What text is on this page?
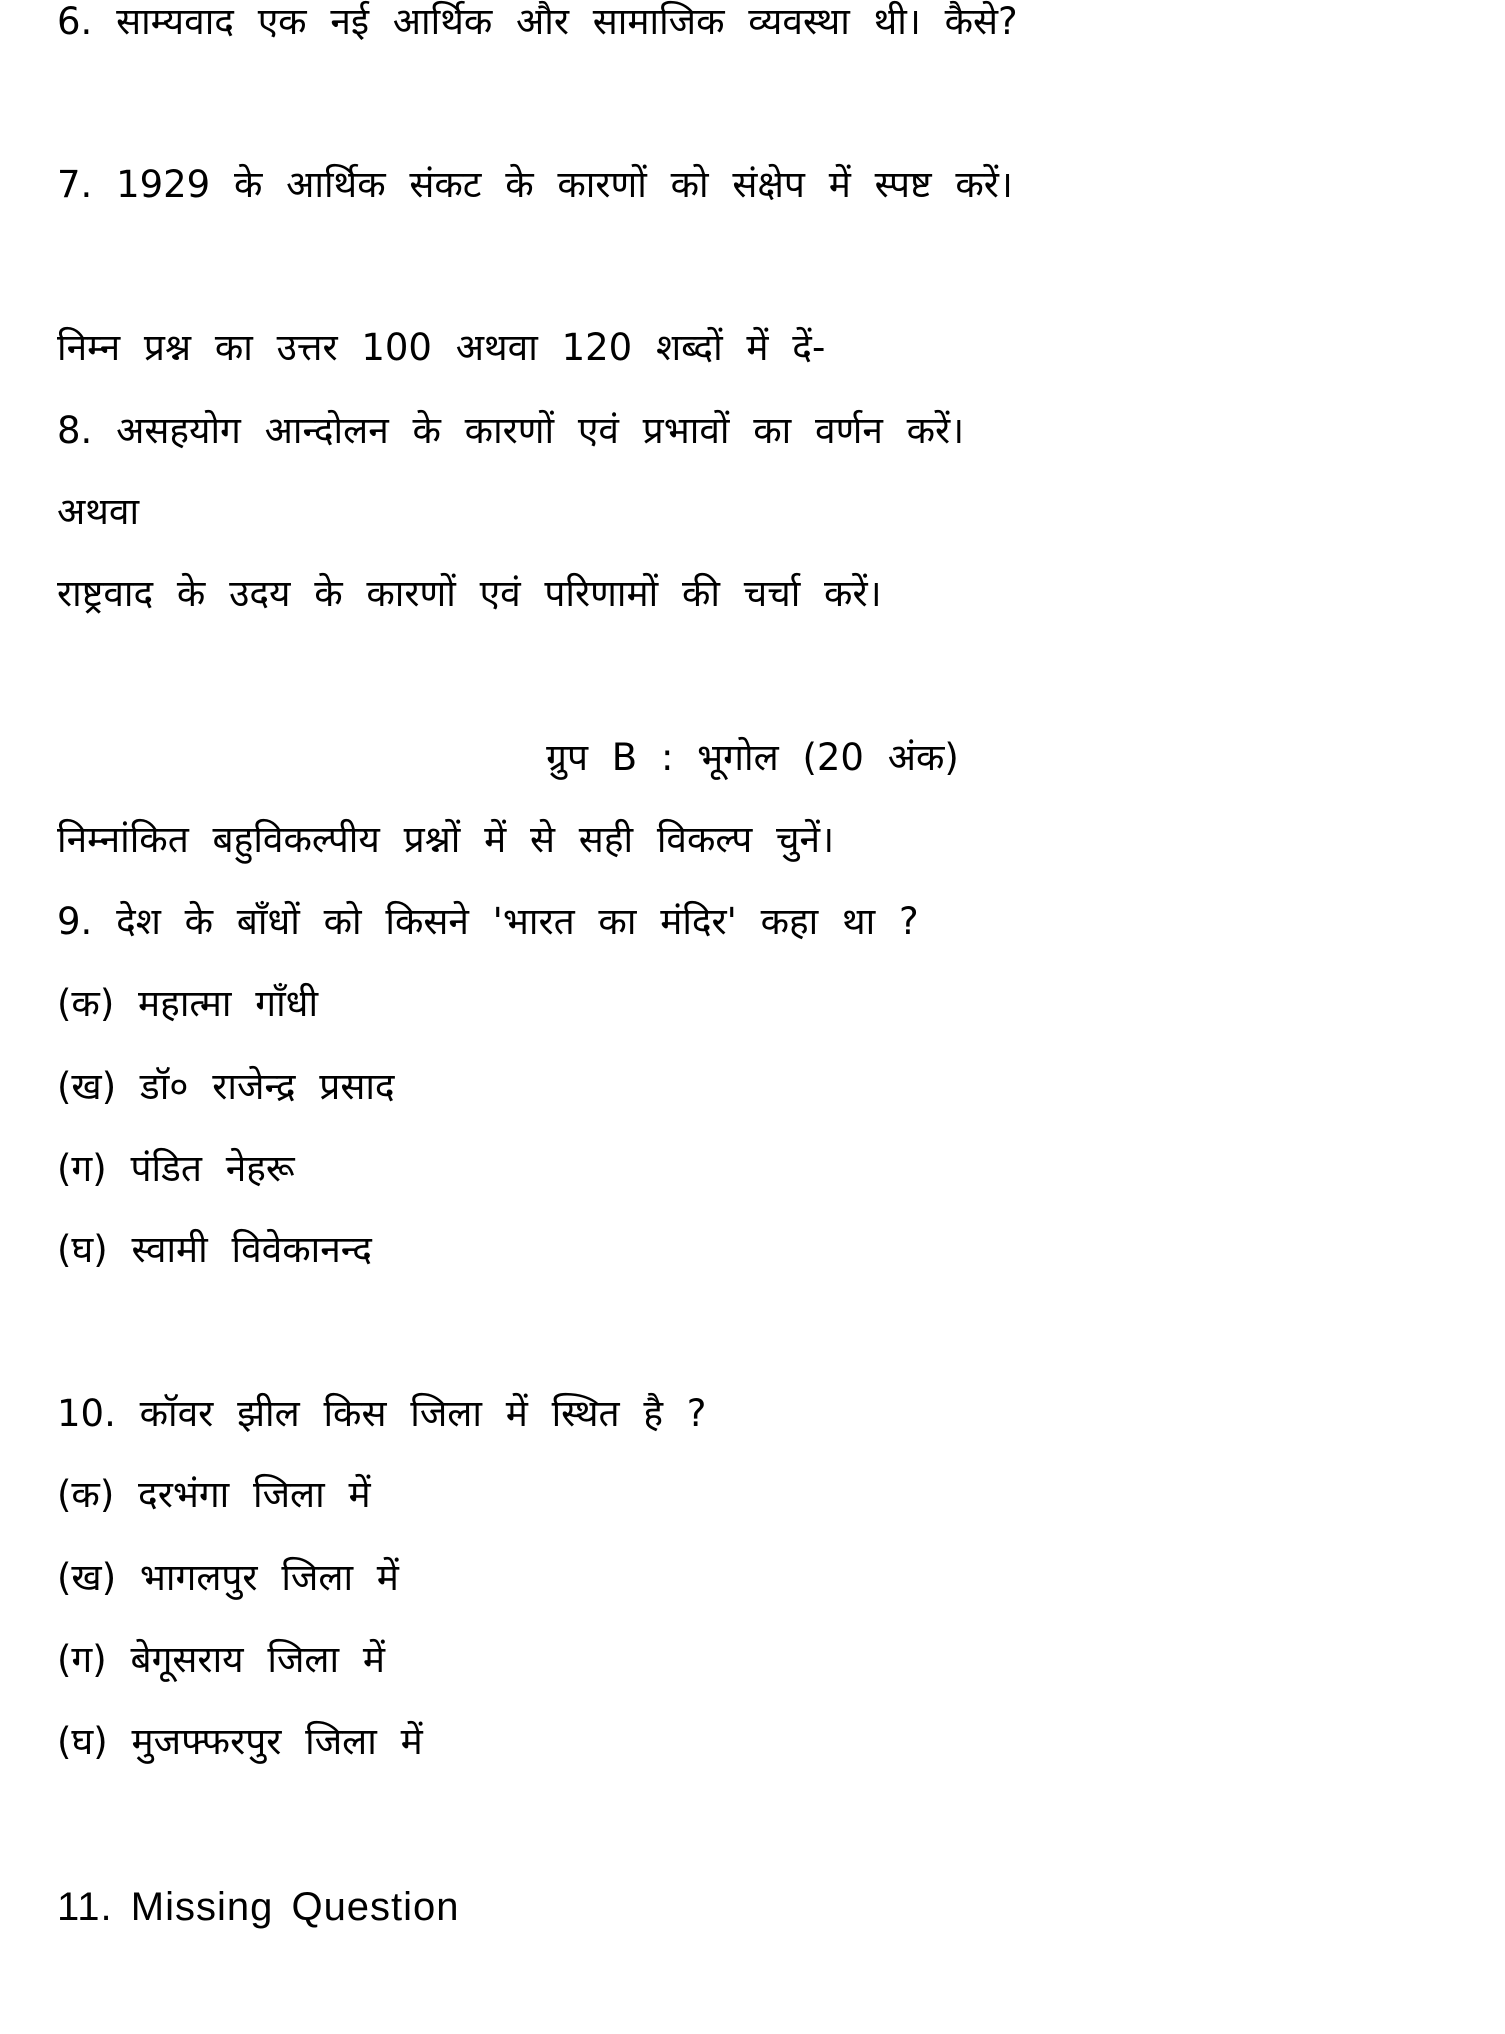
6. साम्यवाद एक नई आर्थिक और सामाजिक व्यवस्था थी। कैसे?
7. 1929 के आर्थिक संकट के कारणों को संक्षेप में स्पष्ट करें।
निम्न प्रश्न का उत्तर 100 अथवा 120 शब्दों में दें-
8. असहयोग आन्दोलन के कारणों एवं प्रभावों का वर्णन करें।
अथवा
राष्ट्रवाद के उदय के कारणों एवं परिणामों की चर्चा करें।
ग्रुप B : भूगोल (20 अंक)
निम्नांकित बहुविकल्पीय प्रश्नों में से सही विकल्प चुनें।
9. देश के बाँधों को किसने 'भारत का मंदिर' कहा था ?
(क) महात्मा गाँधी
(ख) डॉ० राजेन्द्र प्रसाद
(ग) पंडित नेहरू
(घ) स्वामी विवेकानन्द
10. कॉवर झील किस जिला में स्थित है ?
(क) दरभंगा जिला में
(ख) भागलपुर जिला में
(ग) बेगूसराय जिला में
(घ) मुजफ्फरपुर जिला में
11. Missing Question
